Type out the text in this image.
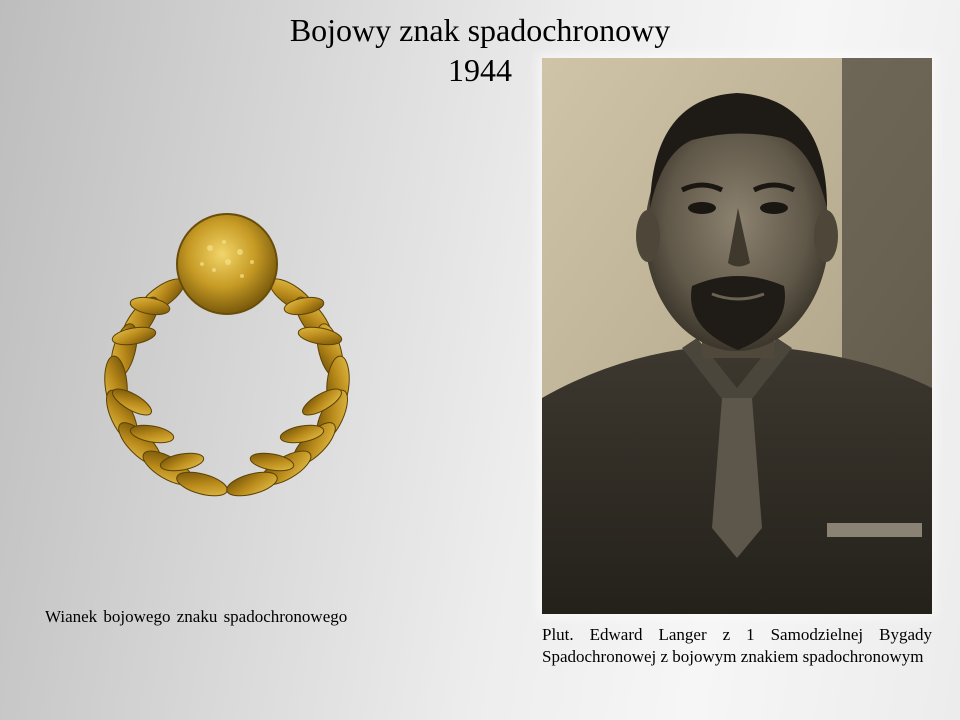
Bojowy znak spadochronowy
1944
Wianek bojowego znaku spadochronowego
Plut. Edward Langer z 1 Samodzielnej Bygady Spadochronowej z bojowym znakiem spadochronowym
